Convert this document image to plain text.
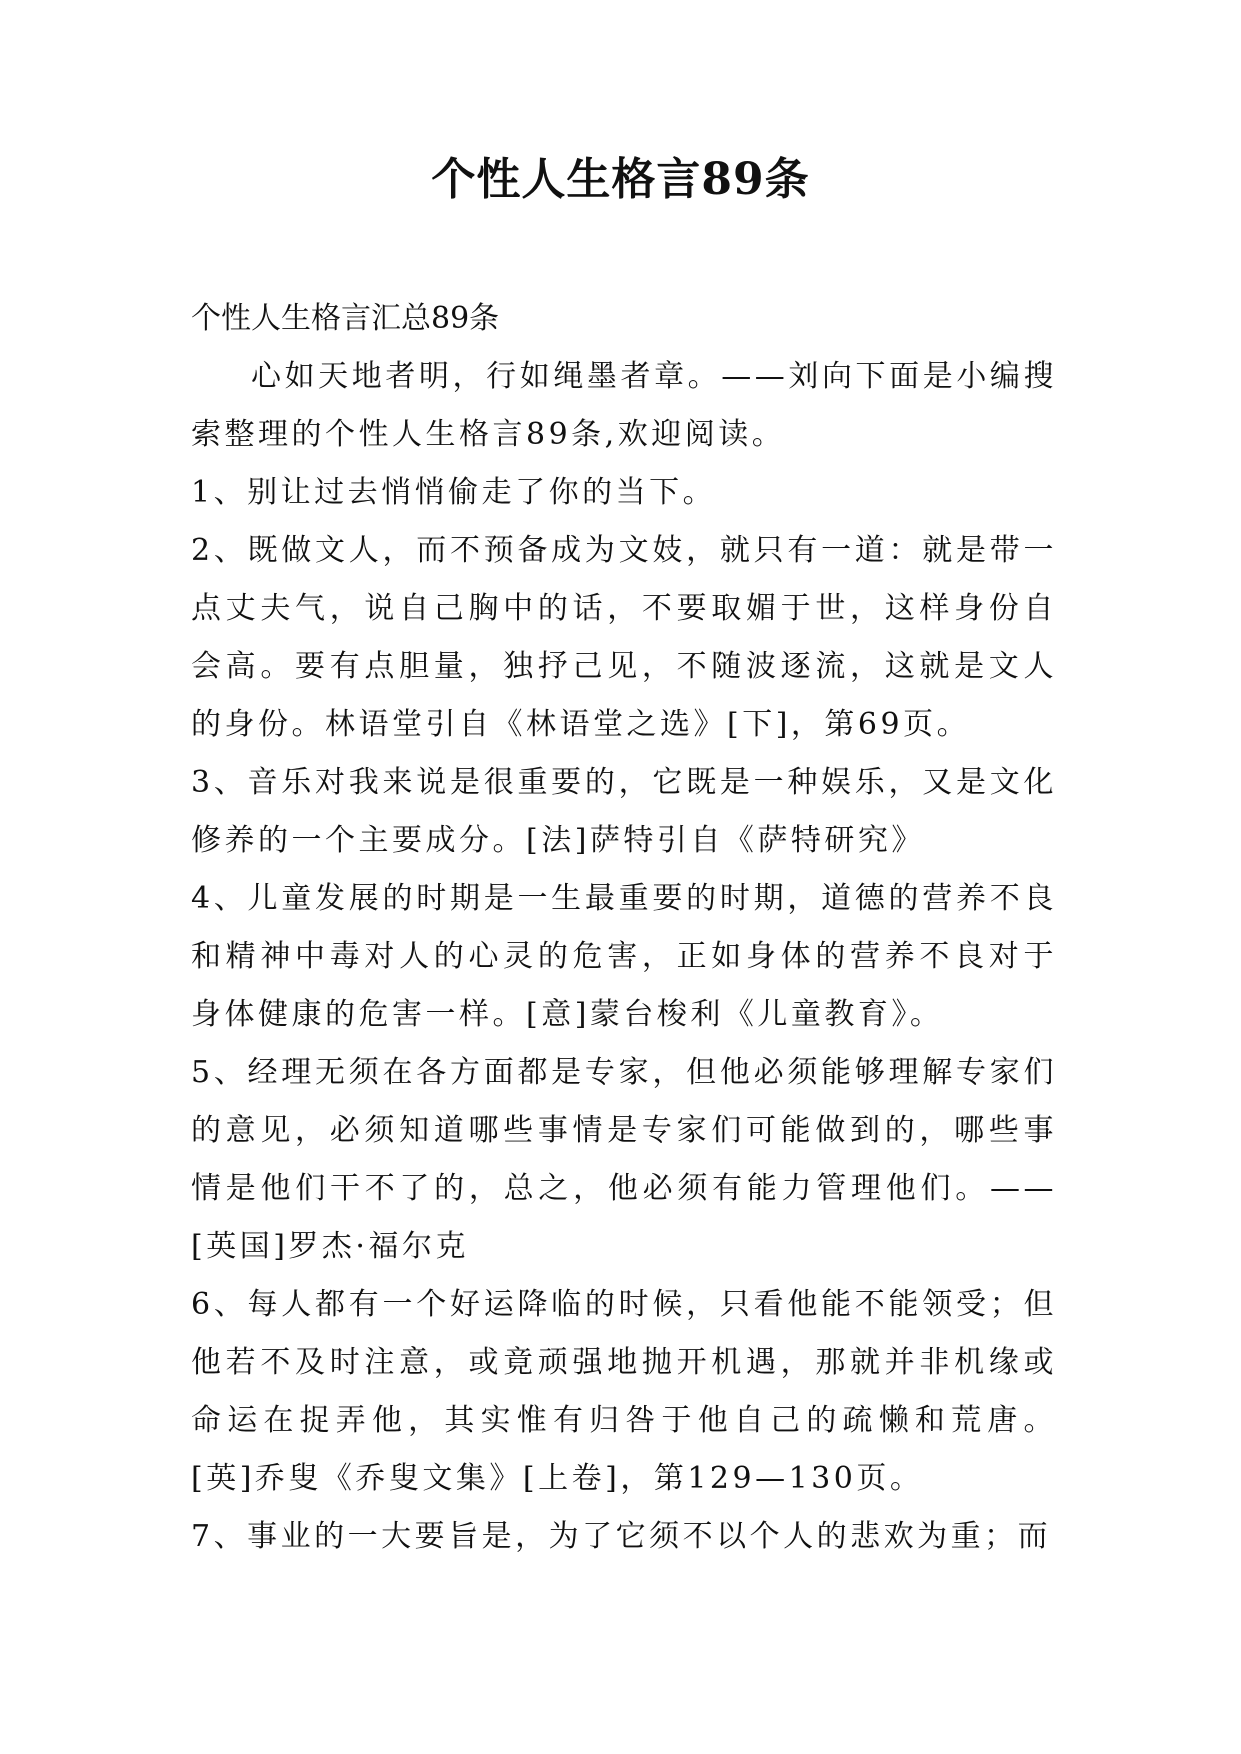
个性人生格言89条

个性人生格言汇总89条

心如天地者明，行如绳墨者章。——刘向下面是小编搜索整理的个性人生格言89条,欢迎阅读。

1、别让过去悄悄偷走了你的当下。

2、既做文人，而不预备成为文妓，就只有一道：就是带一点丈夫气，说自己胸中的话，不要取媚于世，这样身份自会高。要有点胆量，独抒己见，不随波逐流，这就是文人的身份。林语堂引自《林语堂之选》[下]，第69页。

3、音乐对我来说是很重要的，它既是一种娱乐，又是文化修养的一个主要成分。[法]萨特引自《萨特研究》

4、儿童发展的时期是一生最重要的时期，道德的营养不良和精神中毒对人的心灵的危害，正如身体的营养不良对于身体健康的危害一样。[意]蒙台梭利《儿童教育》。

5、经理无须在各方面都是专家，但他必须能够理解专家们的意见，必须知道哪些事情是专家们可能做到的，哪些事情是他们干不了的，总之，他必须有能力管理他们。——[英国]罗杰·福尔克

6、每人都有一个好运降临的时候，只看他能不能领受；但他若不及时注意，或竟顽强地抛开机遇，那就并非机缘或命运在捉弄他，其实惟有归咎于他自己的疏懒和荒唐。[英]乔叟《乔叟文集》[上卷]，第129—130页。

7、事业的一大要旨是，为了它须不以个人的悲欢为重；而
